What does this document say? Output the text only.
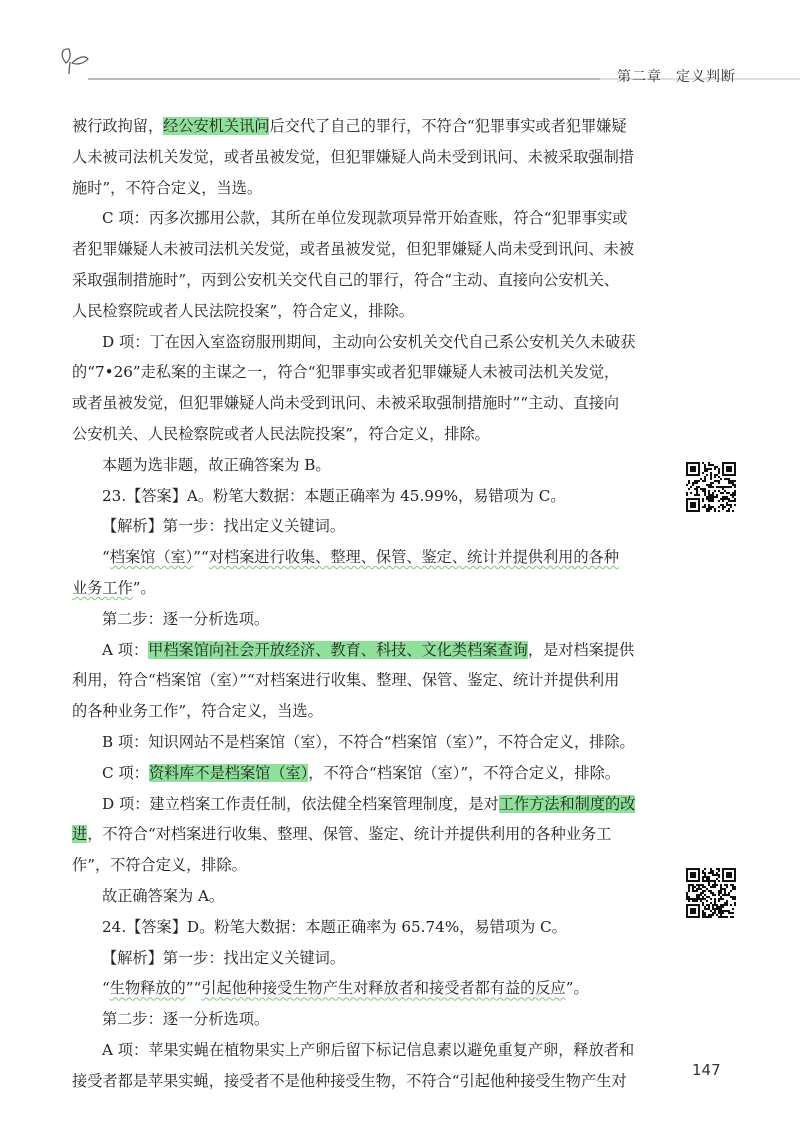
第二章 定义判断
被行政拘留，经公安机关讯问后交代了自己的罪行，不符合“犯罪事实或者犯罪嫌疑
人未被司法机关发觉，或者虽被发觉，但犯罪嫌疑人尚未受到讯问、未被采取强制措
施时”，不符合定义，当选。
C 项：丙多次挪用公款，其所在单位发现款项异常开始查账，符合“犯罪事实或
者犯罪嫌疑人未被司法机关发觉，或者虽被发觉，但犯罪嫌疑人尚未受到讯问、未被
采取强制措施时”，丙到公安机关交代自己的罪行，符合“主动、直接向公安机关、
人民检察院或者人民法院投案”，符合定义，排除。
D 项：丁在因入室盗窃服刑期间，主动向公安机关交代自己系公安机关久未破获
的“7•26”走私案的主谋之一，符合“犯罪事实或者犯罪嫌疑人未被司法机关发觉，
或者虽被发觉，但犯罪嫌疑人尚未受到讯问、未被采取强制措施时”“主动、直接向
公安机关、人民检察院或者人民法院投案”，符合定义，排除。
本题为选非题，故正确答案为 B。
23.【答案】A。粉笔大数据：本题正确率为 45.99%，易错项为 C。
【解析】第一步：找出定义关键词。
“档案馆（室）”“对档案进行收集、整理、保管、鉴定、统计并提供利用的各种
业务工作”。
第二步：逐一分析选项。
A 项：甲档案馆向社会开放经济、教育、科技、文化类档案查询，是对档案提供
利用，符合“档案馆（室）”“对档案进行收集、整理、保管、鉴定、统计并提供利用
的各种业务工作”，符合定义，当选。
B 项：知识网站不是档案馆（室），不符合“档案馆（室）”，不符合定义，排除。
C 项：资料库不是档案馆（室），不符合“档案馆（室）”，不符合定义，排除。
D 项：建立档案工作责任制，依法健全档案管理制度，是对工作方法和制度的改
进，不符合“对档案进行收集、整理、保管、鉴定、统计并提供利用的各种业务工
作”，不符合定义，排除。
故正确答案为 A。
24.【答案】D。粉笔大数据：本题正确率为 65.74%，易错项为 C。
【解析】第一步：找出定义关键词。
“生物释放的”“引起他种接受生物产生对释放者和接受者都有益的反应”。
第二步：逐一分析选项。
A 项：苹果实蝇在植物果实上产卵后留下标记信息素以避免重复产卵，释放者和
接受者都是苹果实蝇，接受者不是他种接受生物，不符合“引起他种接受生物产生对
147
